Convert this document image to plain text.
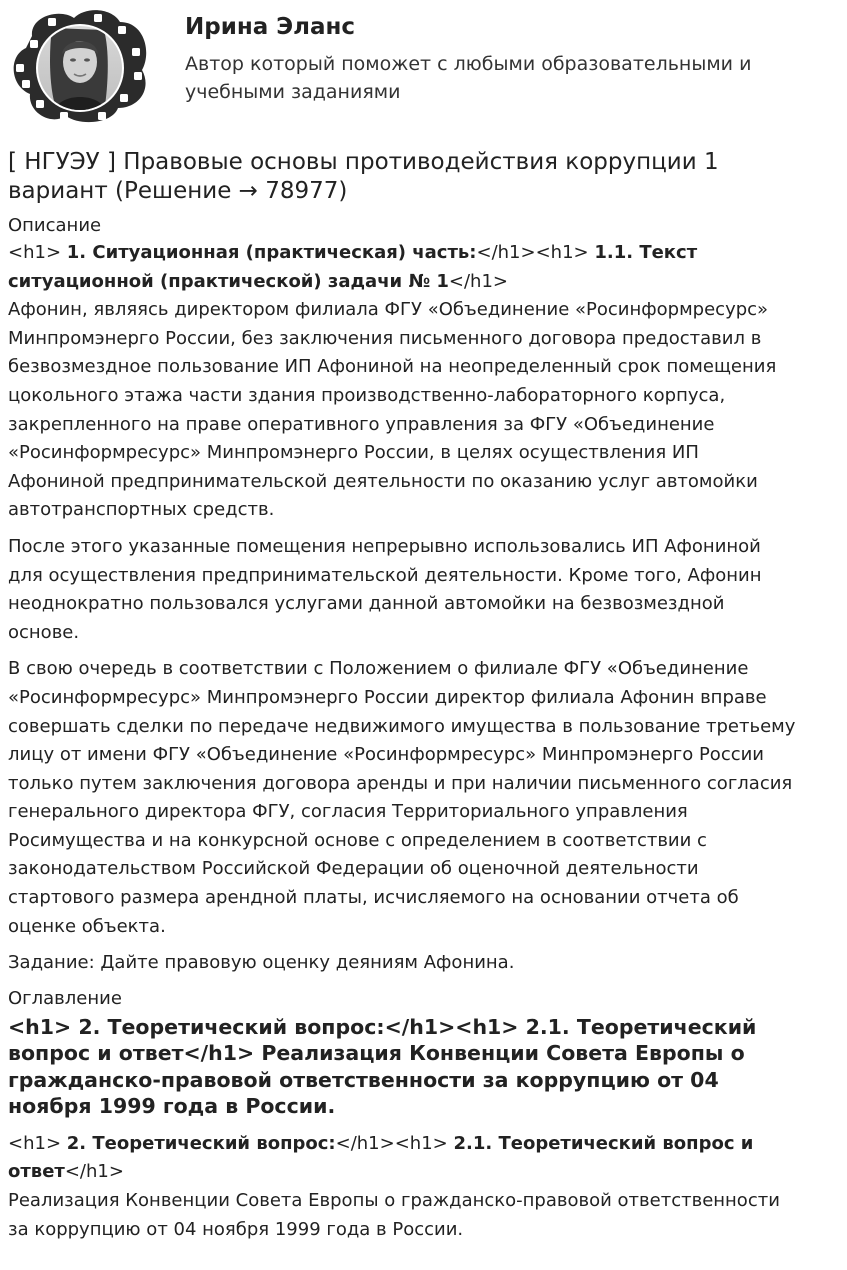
Ирина Эланс
Автор который поможет с любыми образовательными и
учебными заданиями
[ НГУЭУ ] Правовые основы противодействия коррупции 1
вариант (Решение → 78977)
Описание
<h1> 1. Ситуационная (практическая) часть:</h1><h1> 1.1. Текст
ситуационной (практической) задачи № 1</h1>
Афонин, являясь директором филиала ФГУ «Объединение «Росинформресурс»
Минпромэнерго России, без заключения письменного договора предоставил в
безвозмездное пользование ИП Афониной на неопределенный срок помещения
цокольного этажа части здания производственно-лабораторного корпуса,
закрепленного на праве оперативного управления за ФГУ «Объединение
«Росинформресурс» Минпромэнерго России, в целях осуществления ИП
Афониной предпринимательской деятельности по оказанию услуг автомойки
автотранспортных средств.
После этого указанные помещения непрерывно использовались ИП Афониной
для осуществления предпринимательской деятельности. Кроме того, Афонин
неоднократно пользовался услугами данной автомойки на безвозмездной
основе.
В свою очередь в соответствии с Положением о филиале ФГУ «Объединение
«Росинформресурс» Минпромэнерго России директор филиала Афонин вправе
совершать сделки по передаче недвижимого имущества в пользование третьему
лицу от имени ФГУ «Объединение «Росинформресурс» Минпромэнерго России
только путем заключения договора аренды и при наличии письменного согласия
генерального директора ФГУ, согласия Территориального управления
Росимущества и на конкурсной основе с определением в соответствии с
законодательством Российской Федерации об оценочной деятельности
стартового размера арендной платы, исчисляемого на основании отчета об
оценке объекта.
Задание: Дайте правовую оценку деяниям Афонина.
Оглавление
<h1> 2. Теоретический вопрос:</h1><h1> 2.1. Теоретический
вопрос и ответ</h1> Реализация Конвенции Совета Европы о
гражданско-правовой ответственности за коррупцию от 04
ноября 1999 года в России.
<h1> 2. Теоретический вопрос:</h1><h1> 2.1. Теоретический вопрос и
ответ</h1>
Реализация Конвенции Совета Европы о гражданско-правовой ответственности
за коррупцию от 04 ноября 1999 года в России.
